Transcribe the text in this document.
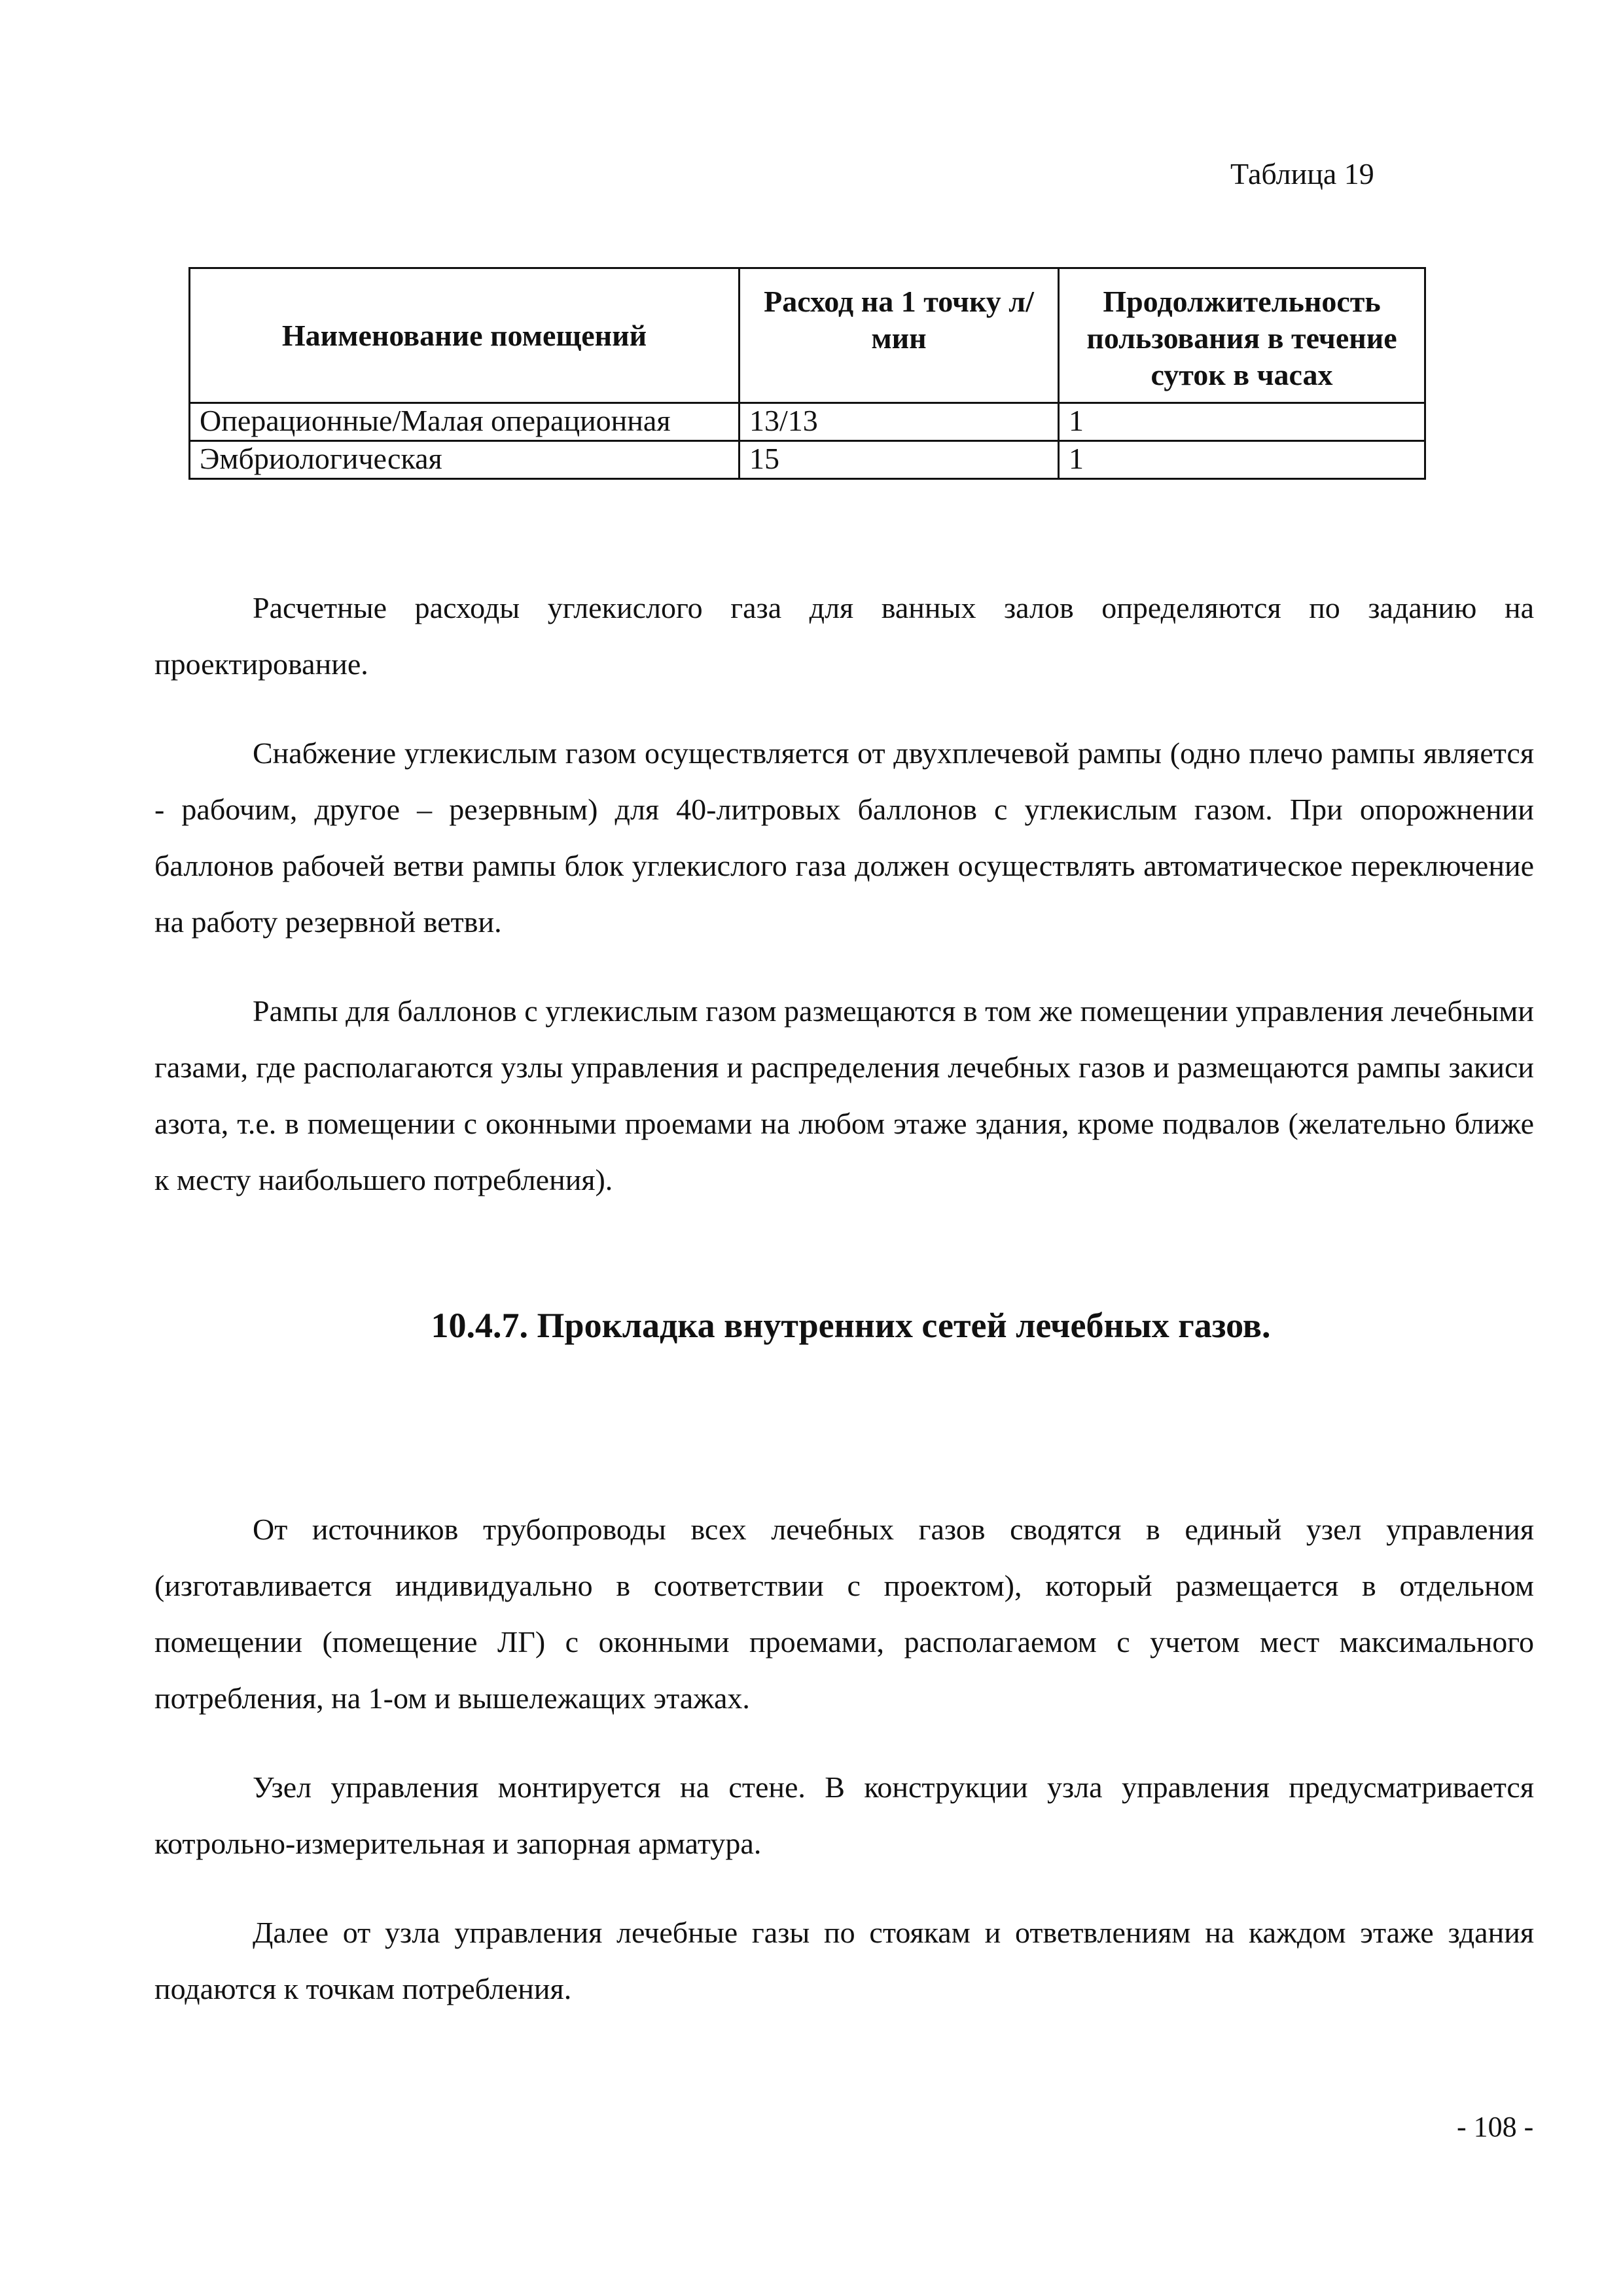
Таблица 19
Наименование помещений	Расход на 1 точку л/мин	Продолжительность пользования в течение суток в часах
Операционные/Малая операционная	13/13	1
Эмбриологическая	15	1

Расчетные расходы углекислого газа для ванных залов определяются по заданию на проектирование.

Снабжение углекислым газом осуществляется от двухплечевой рампы (одно плечо рампы является - рабочим, другое – резервным) для 40-литровых баллонов с углекислым газом. При опорожнении баллонов рабочей ветви рампы блок углекислого газа должен осуществлять автоматическое переключение на работу резервной ветви.

Рампы для баллонов с углекислым газом размещаются в том же помещении управления лечебными газами, где располагаются узлы управления и распределения лечебных газов и размещаются рампы закиси азота, т.е. в помещении с оконными проемами на любом этаже здания, кроме подвалов (желательно ближе к месту наибольшего потребления).

10.4.7. Прокладка внутренних сетей лечебных газов.

От источников трубопроводы всех лечебных газов сводятся в единый узел управления (изготавливается индивидуально в соответствии с проектом), который размещается в отдельном помещении (помещение ЛГ) с оконными проемами, располагаемом с учетом мест максимального потребления, на 1-ом и вышележащих этажах.

Узел управления монтируется на стене. В конструкции узла управления предусматривается котрольно-измерительная и запорная арматура.

Далее от узла управления лечебные газы по стоякам и ответвлениям на каждом этаже здания подаются к точкам потребления.

- 108 -
